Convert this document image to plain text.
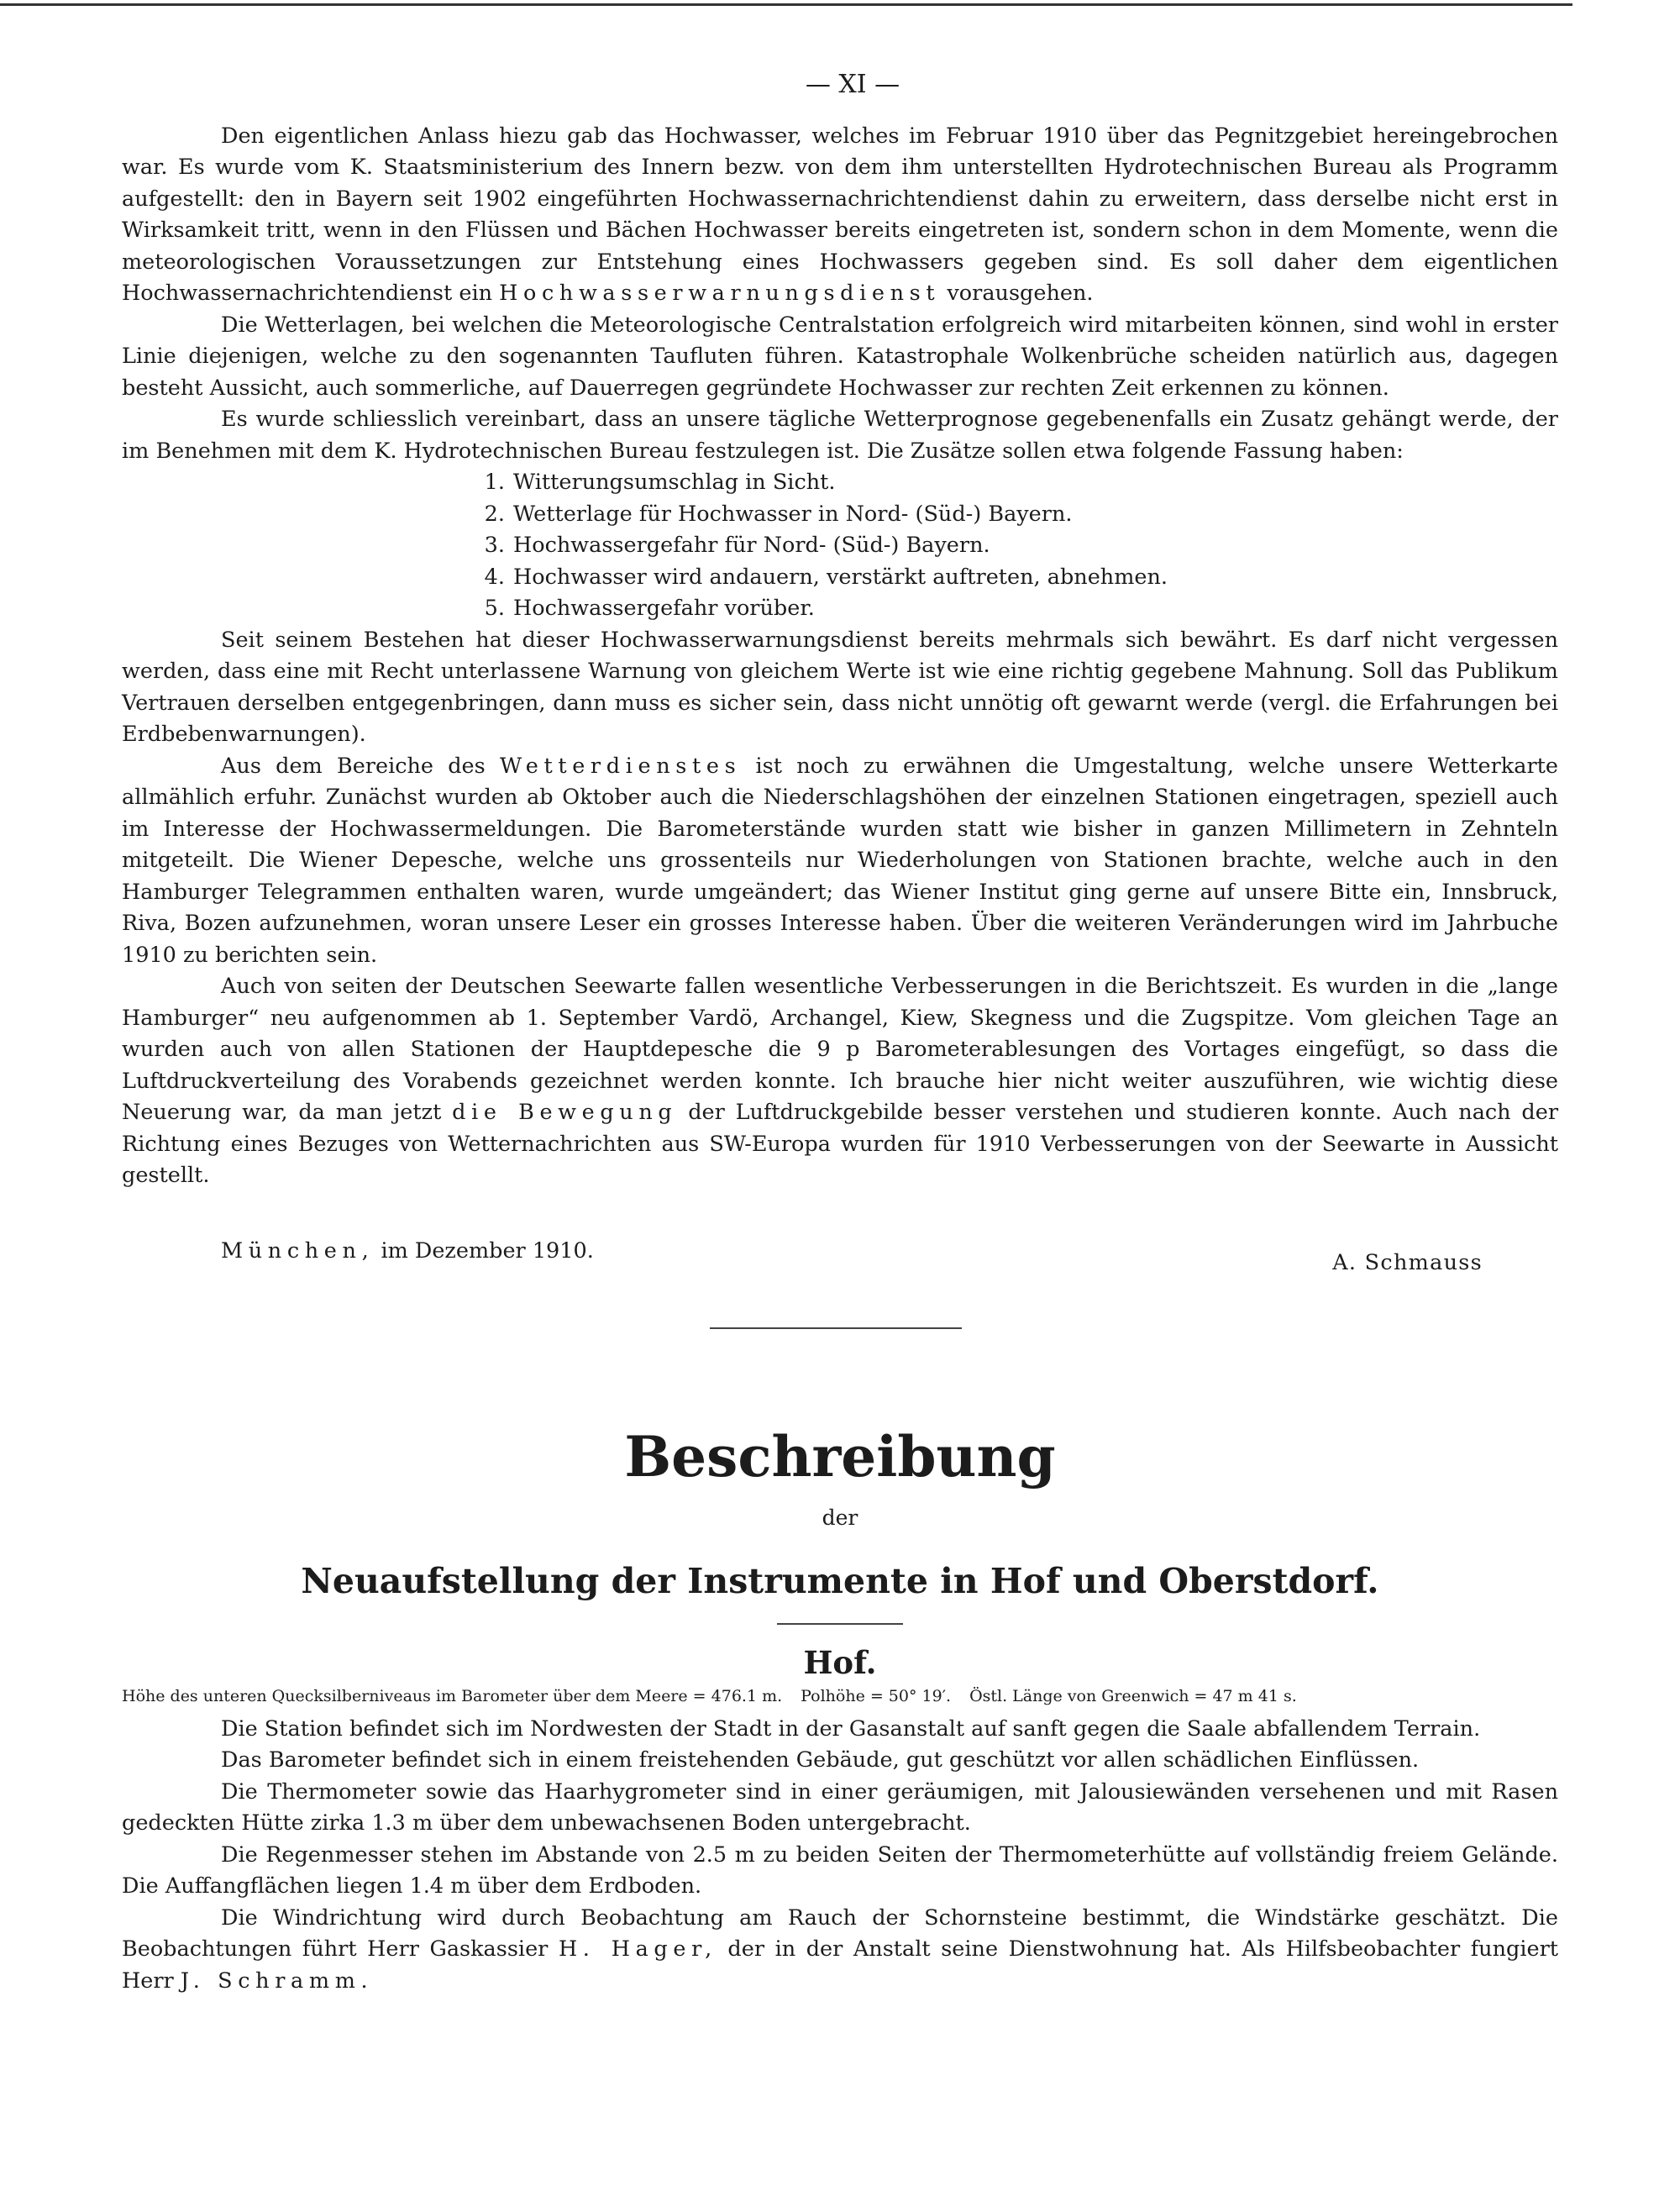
— XI —

Den eigentlichen Anlass hiezu gab das Hochwasser, welches im Februar 1910 über das Pegnitzgebiet hereingebrochen war. Es wurde vom K. Staatsministerium des Innern bezw. von dem ihm unterstellten Hydrotechnischen Bureau als Programm aufgestellt: den in Bayern seit 1902 eingeführten Hochwassernachrichtendienst dahin zu erweitern, dass derselbe nicht erst in Wirksamkeit tritt, wenn in den Flüssen und Bächen Hochwasser bereits eingetreten ist, sondern schon in dem Momente, wenn die meteorologischen Voraussetzungen zur Entstehung eines Hochwassers gegeben sind. Es soll daher dem eigentlichen Hochwassernachrichtendienst ein Hochwasserwarnungsdienst vorausgehen.

Die Wetterlagen, bei welchen die Meteorologische Centralstation erfolgreich wird mitarbeiten können, sind wohl in erster Linie diejenigen, welche zu den sogenannten Taufluten führen. Katastrophale Wolkenbrüche scheiden natürlich aus, dagegen besteht Aussicht, auch sommerliche, auf Dauerregen gegründete Hochwasser zur rechten Zeit erkennen zu können.

Es wurde schliesslich vereinbart, dass an unsere tägliche Wetterprognose gegebenenfalls ein Zusatz gehängt werde, der im Benehmen mit dem K. Hydrotechnischen Bureau festzulegen ist. Die Zusätze sollen etwa folgende Fassung haben:

1. Witterungsumschlag in Sicht.
2. Wetterlage für Hochwasser in Nord- (Süd-) Bayern.
3. Hochwassergefahr für Nord- (Süd-) Bayern.
4. Hochwasser wird andauern, verstärkt auftreten, abnehmen.
5. Hochwassergefahr vorüber.

Seit seinem Bestehen hat dieser Hochwasserwarnungsdienst bereits mehrmals sich bewährt. Es darf nicht vergessen werden, dass eine mit Recht unterlassene Warnung von gleichem Werte ist wie eine richtig gegebene Mahnung. Soll das Publikum Vertrauen derselben entgegenbringen, dann muss es sicher sein, dass nicht unnötig oft gewarnt werde (vergl. die Erfahrungen bei Erdbebenwarnungen).

Aus dem Bereiche des Wetterdienstes ist noch zu erwähnen die Umgestaltung, welche unsere Wetterkarte allmählich erfuhr. Zunächst wurden ab Oktober auch die Niederschlagshöhen der einzelnen Stationen eingetragen, speziell auch im Interesse der Hochwassermeldungen. Die Barometerstände wurden statt wie bisher in ganzen Millimetern in Zehnteln mitgeteilt. Die Wiener Depesche, welche uns grossenteils nur Wiederholungen von Stationen brachte, welche auch in den Hamburger Telegrammen enthalten waren, wurde umgeändert; das Wiener Institut ging gerne auf unsere Bitte ein, Innsbruck, Riva, Bozen aufzunehmen, woran unsere Leser ein grosses Interesse haben. Über die weiteren Veränderungen wird im Jahrbuche 1910 zu berichten sein.

Auch von seiten der Deutschen Seewarte fallen wesentliche Verbesserungen in die Berichtszeit. Es wurden in die „lange Hamburger“ neu aufgenommen ab 1. September Vardö, Archangel, Kiew, Skegness und die Zugspitze. Vom gleichen Tage an wurden auch von allen Stationen der Hauptdepesche die 9 p Barometerablesungen des Vortages eingefügt, so dass die Luftdruckverteilung des Vorabends gezeichnet werden konnte. Ich brauche hier nicht weiter auszuführen, wie wichtig diese Neuerung war, da man jetzt die Bewegung der Luftdruckgebilde besser verstehen und studieren konnte. Auch nach der Richtung eines Bezuges von Wetternachrichten aus SW-Europa wurden für 1910 Verbesserungen von der Seewarte in Aussicht gestellt.

München, im Dezember 1910.	A. Schmauss
Beschreibung
der
Neuaufstellung der Instrumente in Hof und Oberstdorf.
Hof.
Höhe des unteren Quecksilberniveaus im Barometer über dem Meere = 476.1 m. Polhöhe = 50° 19′. Östl. Länge von Greenwich = 47 m 41 s.

Die Station befindet sich im Nordwesten der Stadt in der Gasanstalt auf sanft gegen die Saale abfallendem Terrain.

Das Barometer befindet sich in einem freistehenden Gebäude, gut geschützt vor allen schädlichen Einflüssen.

Die Thermometer sowie das Haarhygrometer sind in einer geräumigen, mit Jalousiewänden versehenen und mit Rasen gedeckten Hütte zirka 1.3 m über dem unbewachsenen Boden untergebracht.

Die Regenmesser stehen im Abstande von 2.5 m zu beiden Seiten der Thermometerhütte auf vollständig freiem Gelände. Die Auffangflächen liegen 1.4 m über dem Erdboden.

Die Windrichtung wird durch Beobachtung am Rauch der Schornsteine bestimmt, die Windstärke geschätzt. Die Beobachtungen führt Herr Gaskassier H. Hager, der in der Anstalt seine Dienstwohnung hat. Als Hilfsbeobachter fungiert Herr J. Schramm.
